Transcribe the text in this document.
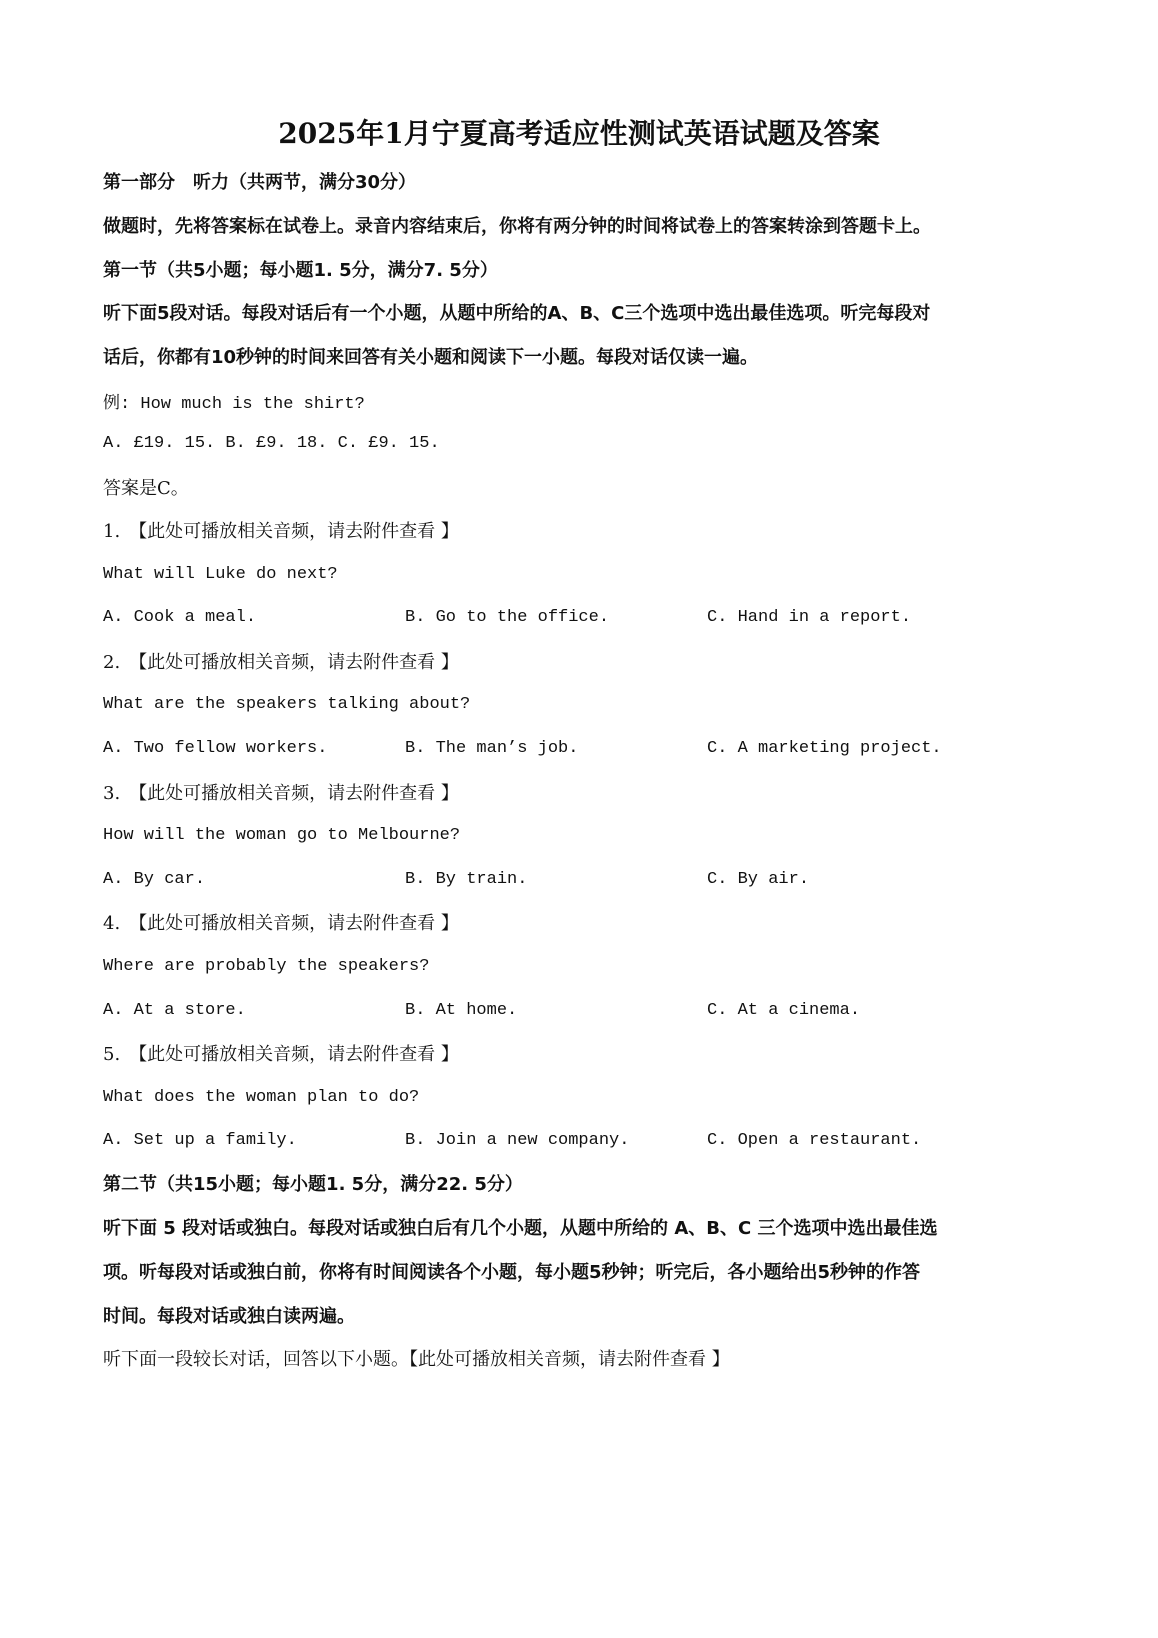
2025年1月宁夏高考适应性测试英语试题及答案
第一部分　听力（共两节，满分30分）
做题时，先将答案标在试卷上。录音内容结束后，你将有两分钟的时间将试卷上的答案转涂到答题卡上。
第一节（共5小题；每小题1. 5分，满分7. 5分）
听下面5段对话。每段对话后有一个小题，从题中所给的A、B、C三个选项中选出最佳选项。听完每段对
话后，你都有10秒钟的时间来回答有关小题和阅读下一小题。每段对话仅读一遍。
例: How much is the shirt?
A. £19. 15. B. £9. 18. C. £9. 15.
答案是C。
1.　【此处可播放相关音频，请去附件查看 】
What will Luke do next?
A. Cook a meal.	B. Go to the office.	C. Hand in a report.
2.　【此处可播放相关音频，请去附件查看 】
What are the speakers talking about?
A. Two fellow workers.	B. The man’s job.	C. A marketing project.
3.　【此处可播放相关音频，请去附件查看 】
How will the woman go to Melbourne?
A. By car.	B. By train.	C. By air.
4.　【此处可播放相关音频，请去附件查看 】
Where are probably the speakers?
A. At a store.	B. At home.	C. At a cinema.
5.　【此处可播放相关音频，请去附件查看 】
What does the woman plan to do?
A. Set up a family.	B. Join a new company.	C. Open a restaurant.
第二节（共15小题；每小题1. 5分，满分22. 5分）
听下面 5 段对话或独白。每段对话或独白后有几个小题，从题中所给的 A、B、C 三个选项中选出最佳选
项。听每段对话或独白前，你将有时间阅读各个小题，每小题5秒钟；听完后，各小题给出5秒钟的作答
时间。每段对话或独白读两遍。
听下面一段较长对话，回答以下小题。【此处可播放相关音频，请去附件查看 】
